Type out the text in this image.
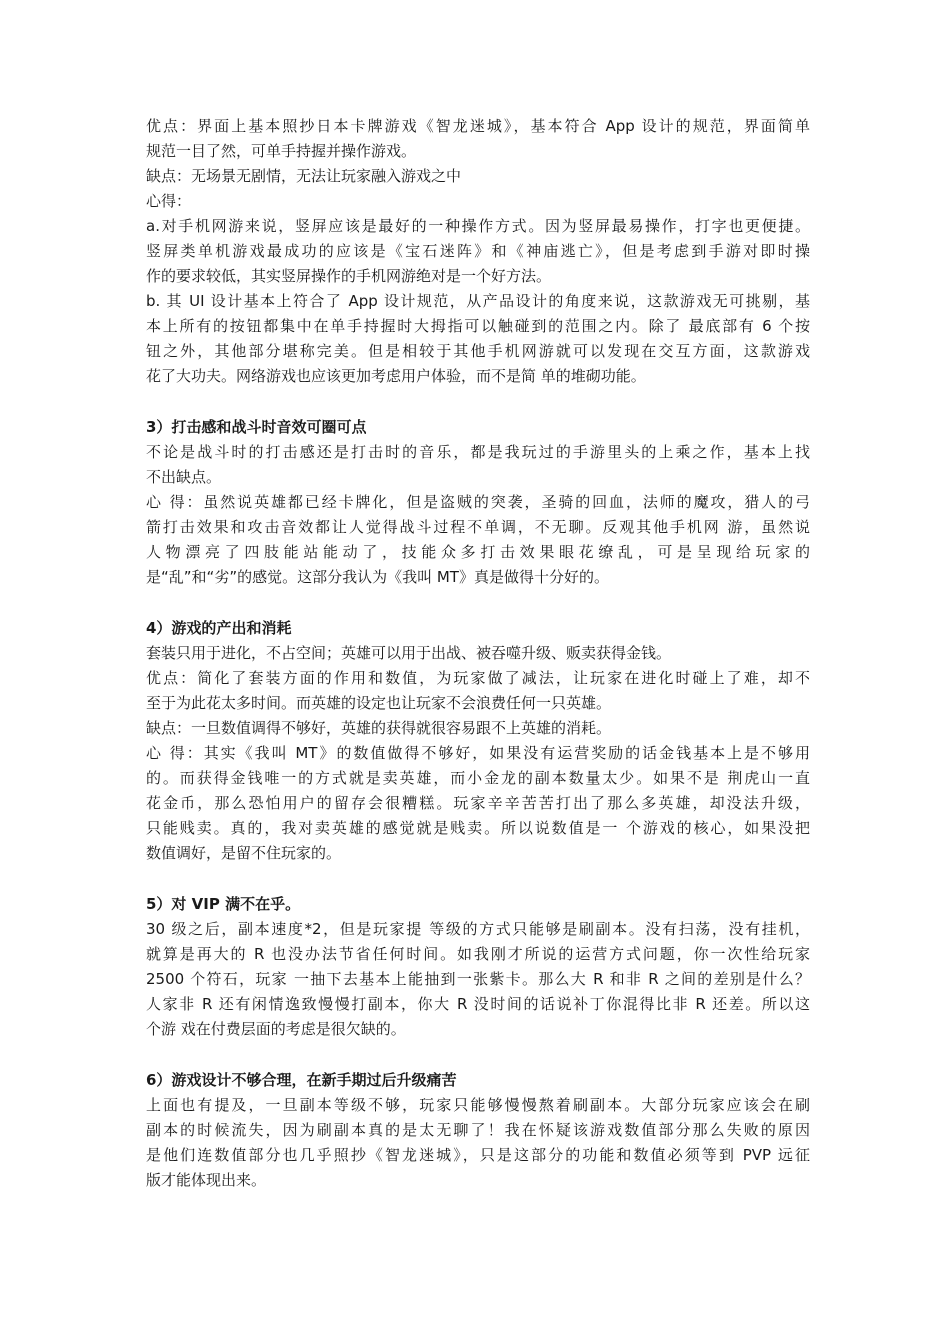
优点：界面上基本照抄日本卡牌游戏《智龙迷城》，基本符合 App 设计的规范，界面简单
规范一目了然，可单手持握并操作游戏。
缺点：无场景无剧情，无法让玩家融入游戏之中
心得：
a.对手机网游来说，竖屏应该是最好的一种操作方式。因为竖屏最易操作，打字也更便捷。
竖屏类单机游戏最成功的应该是《宝石迷阵》和《神庙逃亡》，但是考虑到手游对即时操
作的要求较低，其实竖屏操作的手机网游绝对是一个好方法。
b. 其 UI 设计基本上符合了 App 设计规范，从产品设计的角度来说，这款游戏无可挑剔，基
本上所有的按钮都集中在单手持握时大拇指可以触碰到的范围之内。除了 最底部有 6 个按
钮之外，其他部分堪称完美。但是相较于其他手机网游就可以发现在交互方面，这款游戏
花了大功夫。网络游戏也应该更加考虑用户体验，而不是简 单的堆砌功能。
3）打击感和战斗时音效可圈可点
不论是战斗时的打击感还是打击时的音乐，都是我玩过的手游里头的上乘之作，基本上找
不出缺点。
心 得：虽然说英雄都已经卡牌化，但是盗贼的突袭，圣骑的回血，法师的魔攻，猎人的弓
箭打击效果和攻击音效都让人觉得战斗过程不单调，不无聊。反观其他手机网 游，虽然说
人物漂亮了四肢能站能动了，技能众多打击效果眼花缭乱，可是呈现给玩家的
是“乱”和“劣”的感觉。这部分我认为《我叫 MT》真是做得十分好的。
4）游戏的产出和消耗
套装只用于进化，不占空间；英雄可以用于出战、被吞噬升级、贩卖获得金钱。
优点：简化了套装方面的作用和数值，为玩家做了减法，让玩家在进化时碰上了难，却不
至于为此花太多时间。而英雄的设定也让玩家不会浪费任何一只英雄。
缺点：一旦数值调得不够好，英雄的获得就很容易跟不上英雄的消耗。
心 得：其实《我叫 MT》的数值做得不够好，如果没有运营奖励的话金钱基本上是不够用
的。而获得金钱唯一的方式就是卖英雄，而小金龙的副本数量太少。如果不是 荆虎山一直
花金币，那么恐怕用户的留存会很糟糕。玩家辛辛苦苦打出了那么多英雄，却没法升级，
只能贱卖。真的，我对卖英雄的感觉就是贱卖。所以说数值是一 个游戏的核心，如果没把
数值调好，是留不住玩家的。
5）对 VIP 满不在乎。
30 级之后，副本速度*2，但是玩家提 等级的方式只能够是刷副本。没有扫荡，没有挂机，
就算是再大的 R 也没办法节省任何时间。如我刚才所说的运营方式问题，你一次性给玩家
2500 个符石，玩家 一抽下去基本上能抽到一张紫卡。那么大 R 和非 R 之间的差别是什么？
人家非 R 还有闲情逸致慢慢打副本，你大 R 没时间的话说补丁你混得比非 R 还差。所以这
个游 戏在付费层面的考虑是很欠缺的。
6）游戏设计不够合理，在新手期过后升级痛苦
上面也有提及，一旦副本等级不够，玩家只能够慢慢熬着刷副本。大部分玩家应该会在刷
副本的时候流失，因为刷副本真的是太无聊了！我在怀疑该游戏数值部分那么失败的原因
是他们连数值部分也几乎照抄《智龙迷城》，只是这部分的功能和数值必须等到 PVP 远征
版才能体现出来。
